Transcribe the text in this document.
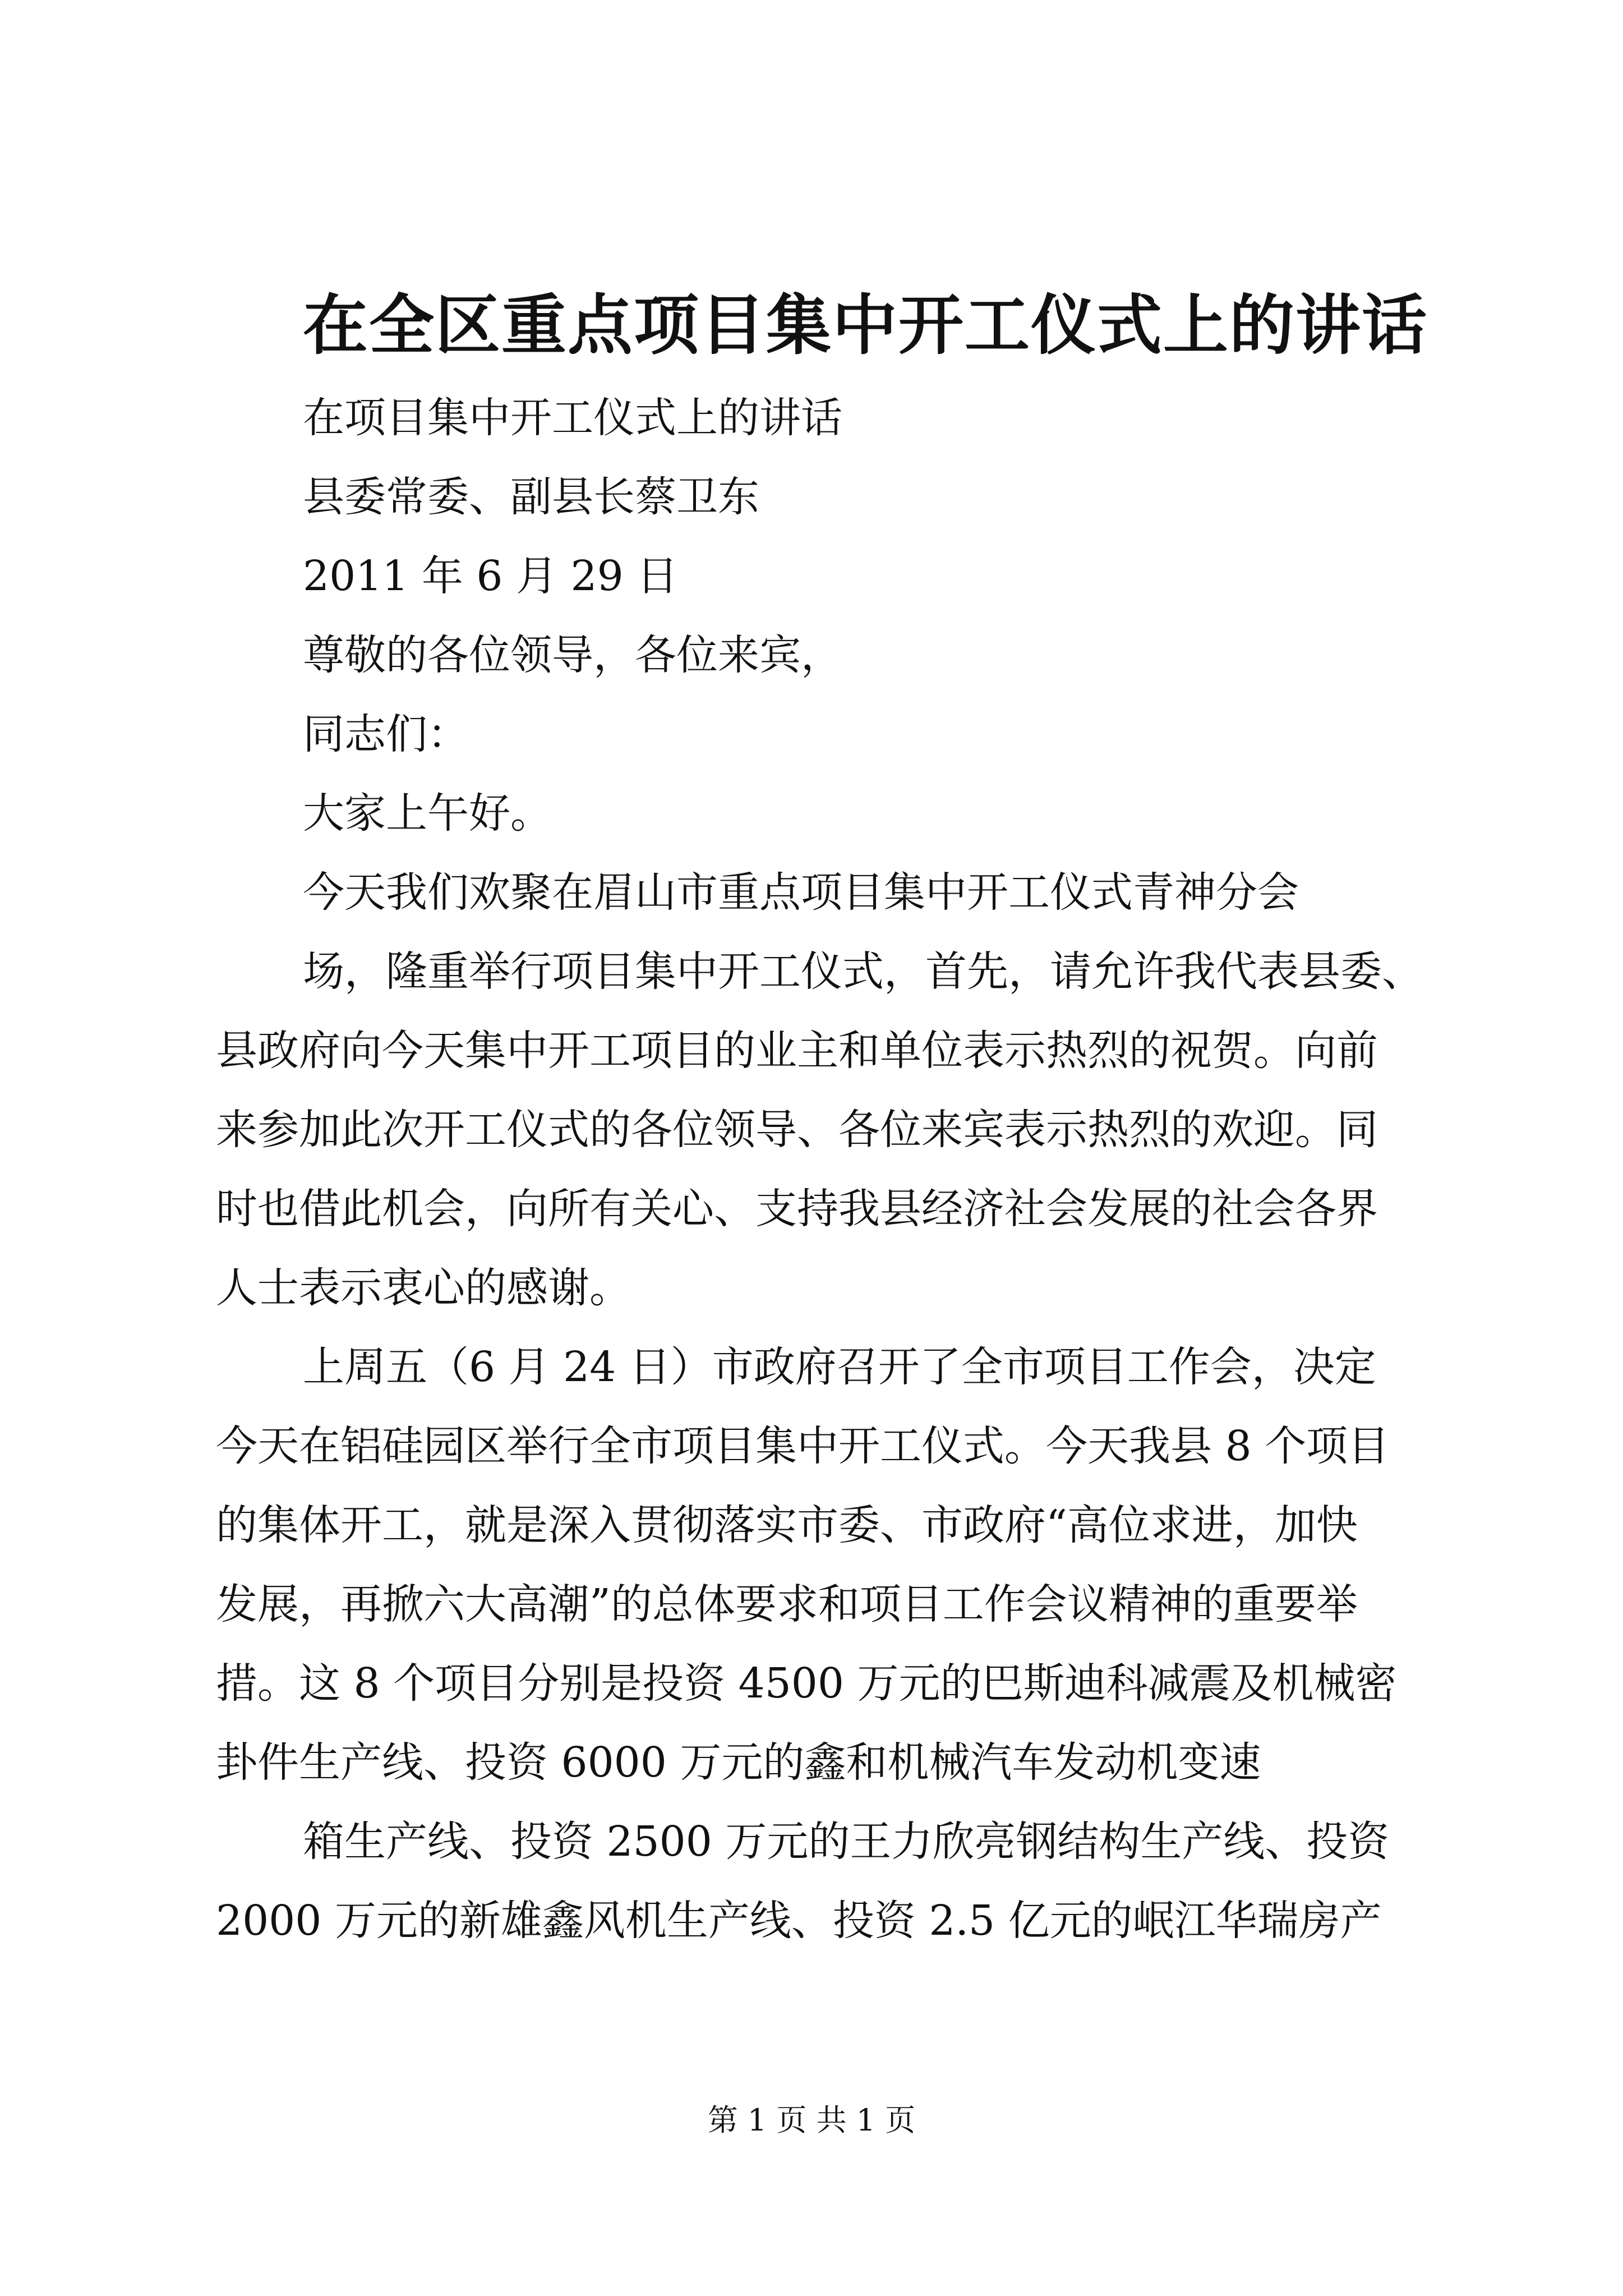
在全区重点项目集中开工仪式上的讲话

在项目集中开工仪式上的讲话

县委常委、副县长蔡卫东

2011 年 6 月 29 日

尊敬的各位领导，各位来宾，

同志们：

大家上午好。

今天我们欢聚在眉山市重点项目集中开工仪式青神分会

场，隆重举行项目集中开工仪式，首先，请允许我代表县委、

县政府向今天集中开工项目的业主和单位表示热烈的祝贺。向前

来参加此次开工仪式的各位领导、各位来宾表示热烈的欢迎。同

时也借此机会，向所有关心、支持我县经济社会发展的社会各界

人士表示衷心的感谢。

上周五（6 月 24 日）市政府召开了全市项目工作会，决定

今天在铝硅园区举行全市项目集中开工仪式。今天我县 8 个项目

的集体开工，就是深入贯彻落实市委、市政府“高位求进，加快

发展，再掀六大高潮”的总体要求和项目工作会议精神的重要举

措。这 8 个项目分别是投资 4500 万元的巴斯迪科减震及机械密

卦件生产线、投资 6000 万元的鑫和机械汽车发动机变速

箱生产线、投资 2500 万元的王力欣亮钢结构生产线、投资

2000 万元的新雄鑫风机生产线、投资 2.5 亿元的岷江华瑞房产

第 1 页 共 1 页
